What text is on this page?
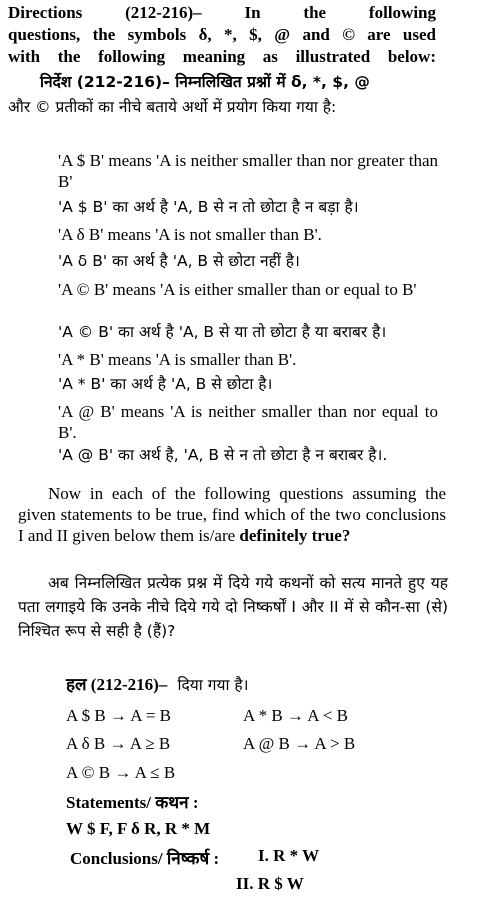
Directions (212-216)– In the following
questions, the symbols δ, *, $, @ and © are used
with the following meaning as illustrated below:
निर्देश (212-216)– निम्नलिखित प्रश्नों में δ, *, $, @
और © प्रतीकों का नीचे बताये अर्थो में प्रयोग किया गया है:
'A $ B' means 'A is neither smaller than nor greater than B'
'A $ B' का अर्थ है 'A, B से न तो छोटा है न बड़ा है।
'A δ B' means 'A is not smaller than B'.
'A δ B' का अर्थ है 'A, B से छोटा नहीं है।
'A © B' means 'A is either smaller than or equal to B'
'A © B' का अर्थ है 'A, B से या तो छोटा है या बराबर है।
'A * B' means 'A is smaller than B'.
'A * B' का अर्थ है 'A, B से छोटा है।
'A @ B' means 'A is neither smaller than nor equal to B'.
'A @ B' का अर्थ है, 'A, B से न तो छोटा है न बराबर है।.
Now in each of the following questions assuming the given statements to be true, find which of the two conclusions I and II given below them is/are definitely true?
अब निम्नलिखित प्रत्येक प्रश्न में दिये गये कथनों को सत्य मानते हुए यह पता लगाइये कि उनके नीचे दिये गये दो निष्कर्षों I और II में से कौन-सा (से) निश्चित रूप से सही है (हैं)?
हल (212-216)– दिया गया है।
A $ B → A = B	A * B → A < B
A δ B → A ≥ B	A @ B → A > B
A © B → A ≤ B
Statements/ कथन :
W $ F, F δ R, R * M
Conclusions/ निष्कर्ष : I. R * W
II. R $ W
